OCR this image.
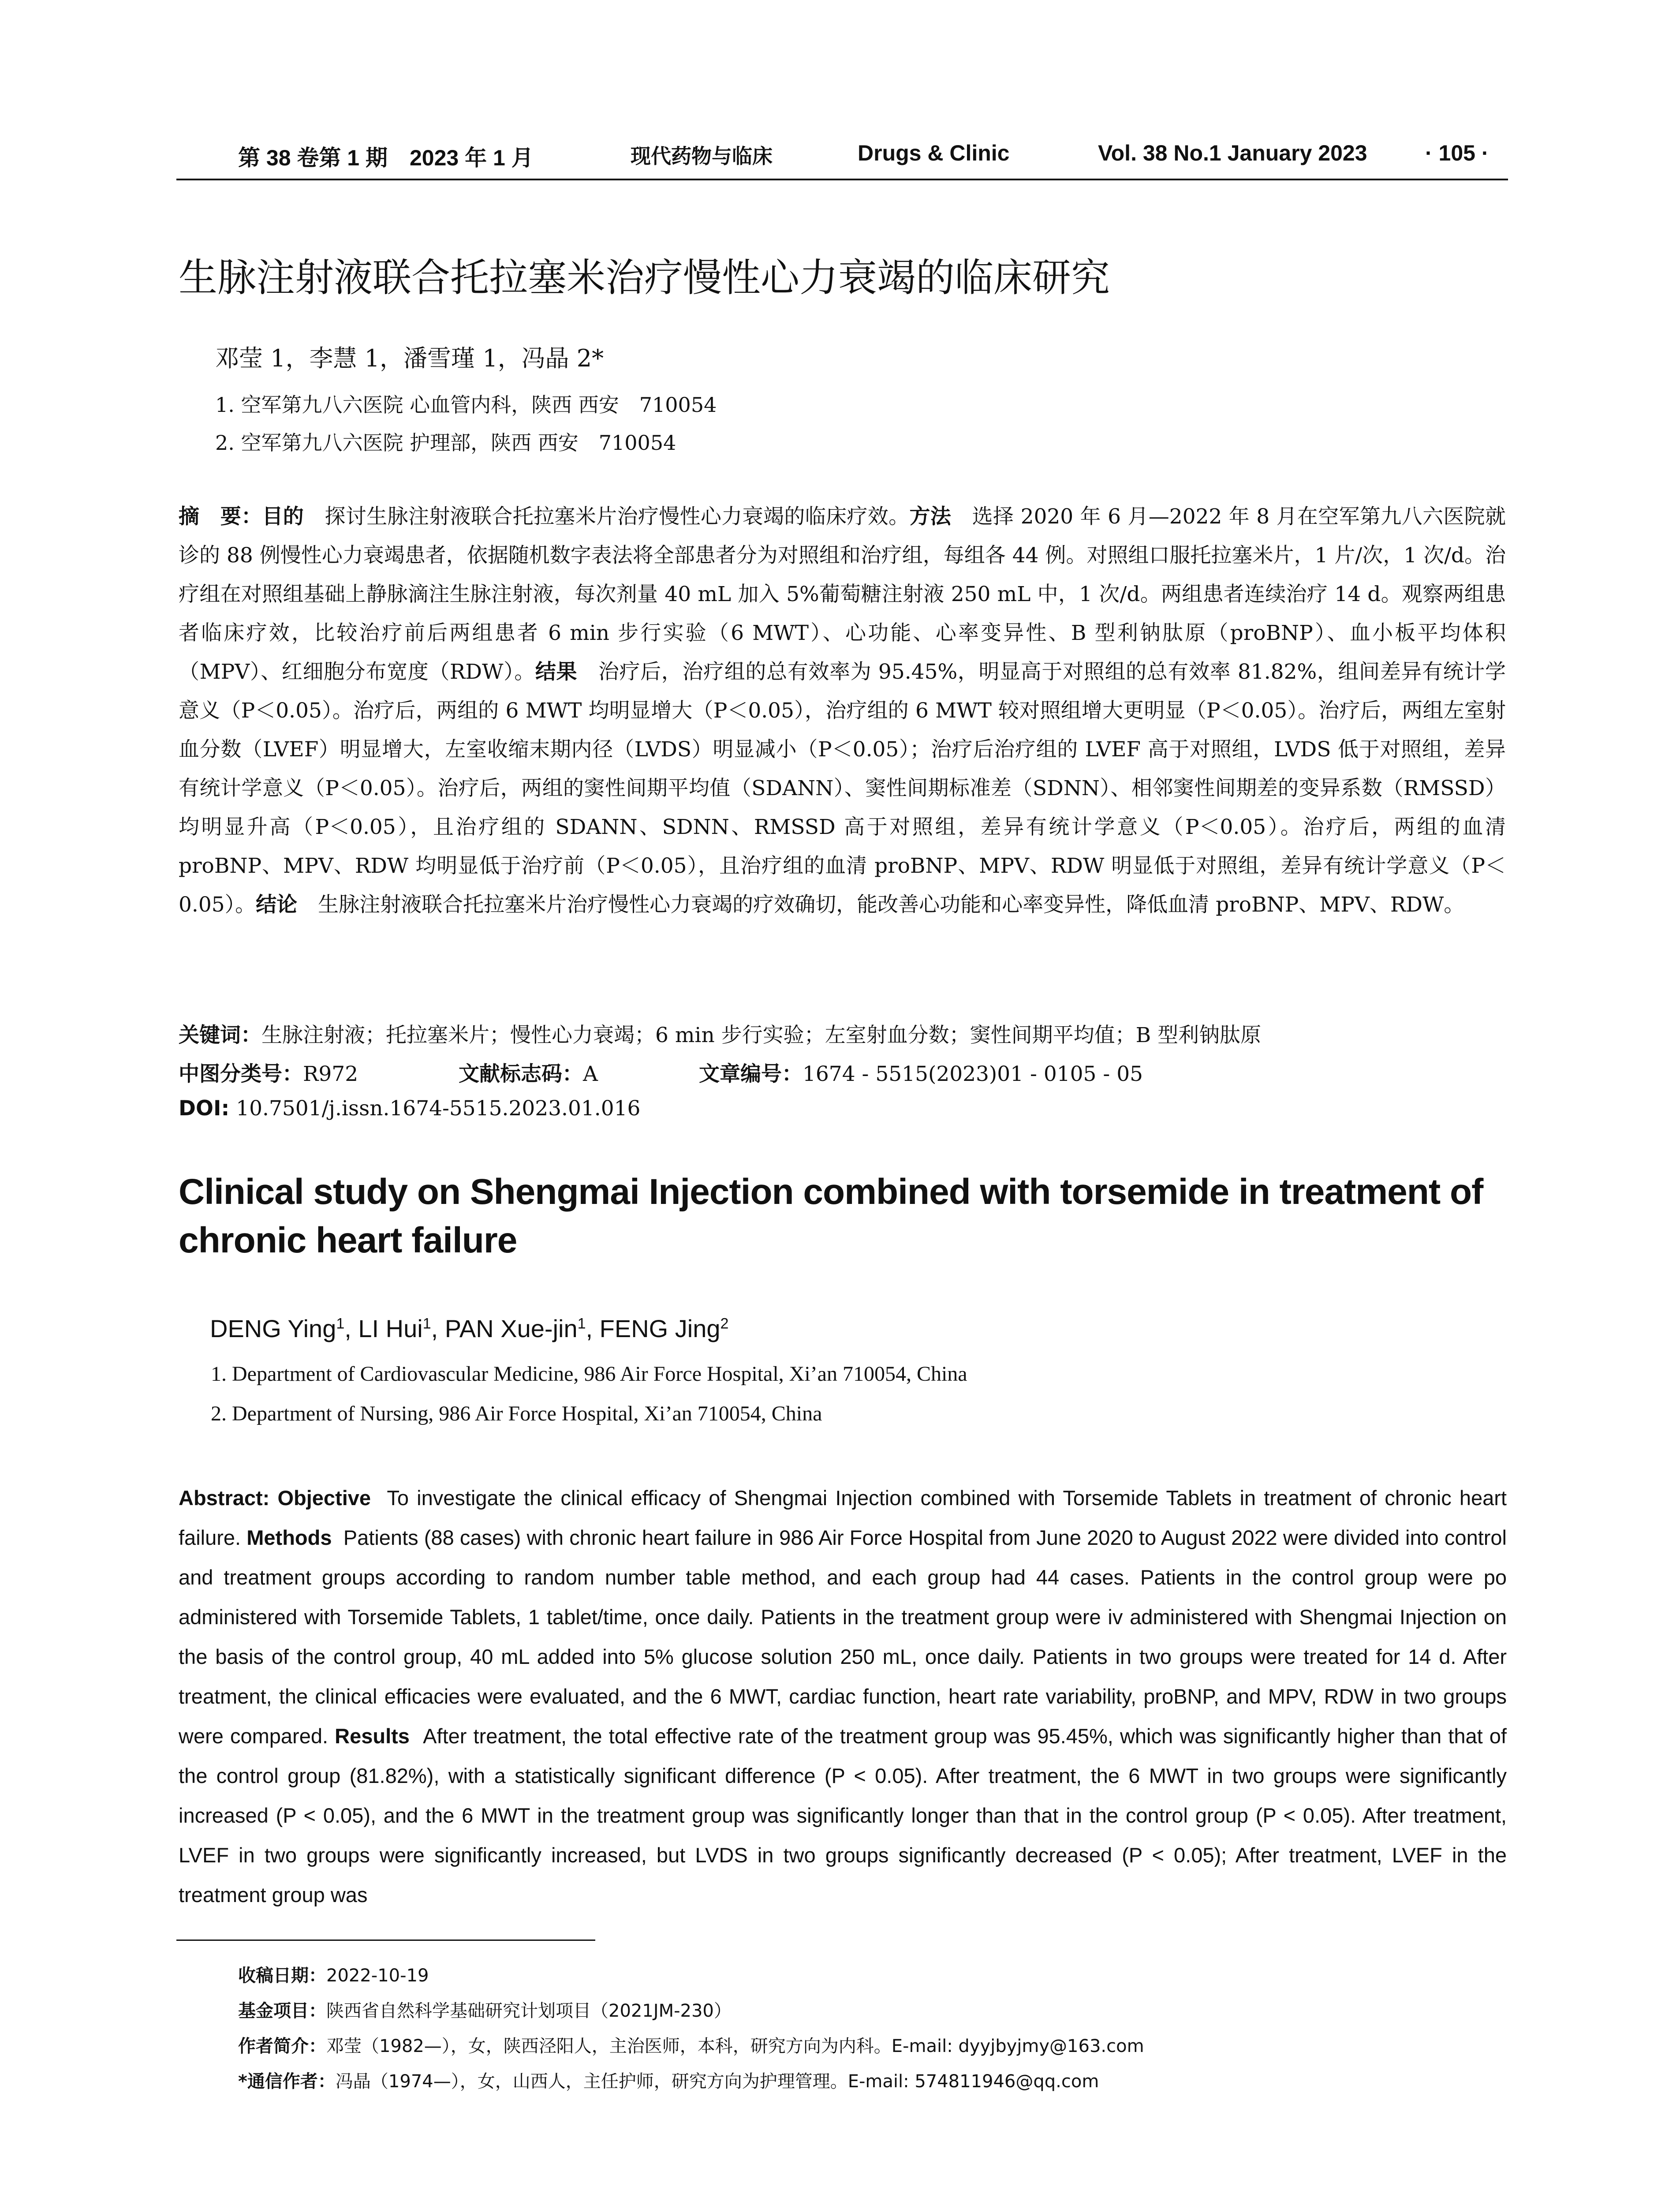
第 38 卷第 1 期　2023 年 1 月	现代药物与临床	Drugs & Clinic	Vol. 38 No.1 January 2023	· 105 ·
生脉注射液联合托拉塞米治疗慢性心力衰竭的临床研究
邓莹 1，李慧 1，潘雪瑾 1，冯晶 2*
1. 空军第九八六医院 心血管内科，陕西 西安　710054
2. 空军第九八六医院 护理部，陕西 西安　710054
摘　要：目的　 探讨生脉注射液联合托拉塞米片治疗慢性心力衰竭的临床疗效。方法　 选择 2020 年 6 月—2022 年 8 月在空军第九八六医院就诊的 88 例慢性心力衰竭患者，依据随机数字表法将全部患者分为对照组和治疗组，每组各 44 例。对照组口服托拉塞米片，1 片/次，1 次/d。治疗组在对照组基础上静脉滴注生脉注射液，每次剂量 40 mL 加入 5%葡萄糖注射液 250 mL 中，1 次/d。两组患者连续治疗 14 d。观察两组患者临床疗效，比较治疗前后两组患者 6 min 步行实验（6 MWT）、心功能、心率变异性、B 型利钠肽原（proBNP）、血小板平均体积（MPV）、红细胞分布宽度（RDW）。结果　 治疗后，治疗组的总有效率为 95.45%，明显高于对照组的总有效率 81.82%，组间差异有统计学意义（P＜0.05）。治疗后，两组的 6 MWT 均明显增大（P＜0.05），治疗组的 6 MWT 较对照组增大更明显（P＜0.05）。治疗后，两组左室射血分数（LVEF）明显增大，左室收缩末期内径（LVDS）明显减小（P＜0.05）；治疗后治疗组的 LVEF 高于对照组，LVDS 低于对照组，差异有统计学意义（P＜0.05）。治疗后，两组的窦性间期平均值（SDANN）、窦性间期标准差（SDNN）、相邻窦性间期差的变异系数（RMSSD）均明显升高（P＜0.05），且治疗组的 SDANN、SDNN、RMSSD 高于对照组，差异有统计学意义（P＜0.05）。治疗后，两组的血清 proBNP、MPV、RDW 均明显低于治疗前（P＜0.05），且治疗组的血清 proBNP、MPV、RDW 明显低于对照组，差异有统计学意义（P＜0.05）。结论　 生脉注射液联合托拉塞米片治疗慢性心力衰竭的疗效确切，能改善心功能和心率变异性，降低血清 proBNP、MPV、RDW。
关键词：生脉注射液；托拉塞米片；慢性心力衰竭；6 min 步行实验；左室射血分数；窦性间期平均值；B 型利钠肽原
中图分类号：R972	文献标志码：A	文章编号：1674 - 5515(2023)01 - 0105 - 05
DOI: 10.7501/j.issn.1674-5515.2023.01.016
Clinical study on Shengmai Injection combined with torsemide in treatment of chronic heart failure
DENG Ying$^1$, LI Hui$^1$, PAN Xue-jin$^1$, FENG Jing$^2$
1. Department of Cardiovascular Medicine, 986 Air Force Hospital, Xi’an 710054, China
2. Department of Nursing, 986 Air Force Hospital, Xi’an 710054, China
Abstract: Objective To investigate the clinical efficacy of Shengmai Injection combined with Torsemide Tablets in treatment of chronic heart failure. Methods Patients (88 cases) with chronic heart failure in 986 Air Force Hospital from June 2020 to August 2022 were divided into control and treatment groups according to random number table method, and each group had 44 cases. Patients in the control group were po administered with Torsemide Tablets, 1 tablet/time, once daily. Patients in the treatment group were iv administered with Shengmai Injection on the basis of the control group, 40 mL added into 5% glucose solution 250 mL, once daily. Patients in two groups were treated for 14 d. After treatment, the clinical efficacies were evaluated, and the 6 MWT, cardiac function, heart rate variability, proBNP, and MPV, RDW in two groups were compared. Results After treatment, the total effective rate of the treatment group was 95.45%, which was significantly higher than that of the control group (81.82%), with a statistically significant difference (P < 0.05). After treatment, the 6 MWT in two groups were significantly increased (P < 0.05), and the 6 MWT in the treatment group was significantly longer than that in the control group (P < 0.05). After treatment, LVEF in two groups were significantly increased, but LVDS in two groups significantly decreased (P < 0.05); After treatment, LVEF in the treatment group was
收稿日期：2022-10-19
基金项目：陕西省自然科学基础研究计划项目（2021JM-230）
作者简介：邓莹（1982—），女，陕西泾阳人，主治医师，本科，研究方向为内科。E-mail: dyyjbyjmy@163.com
*通信作者：冯晶（1974—），女，山西人，主任护师，研究方向为护理管理。E-mail: 574811946@qq.com
